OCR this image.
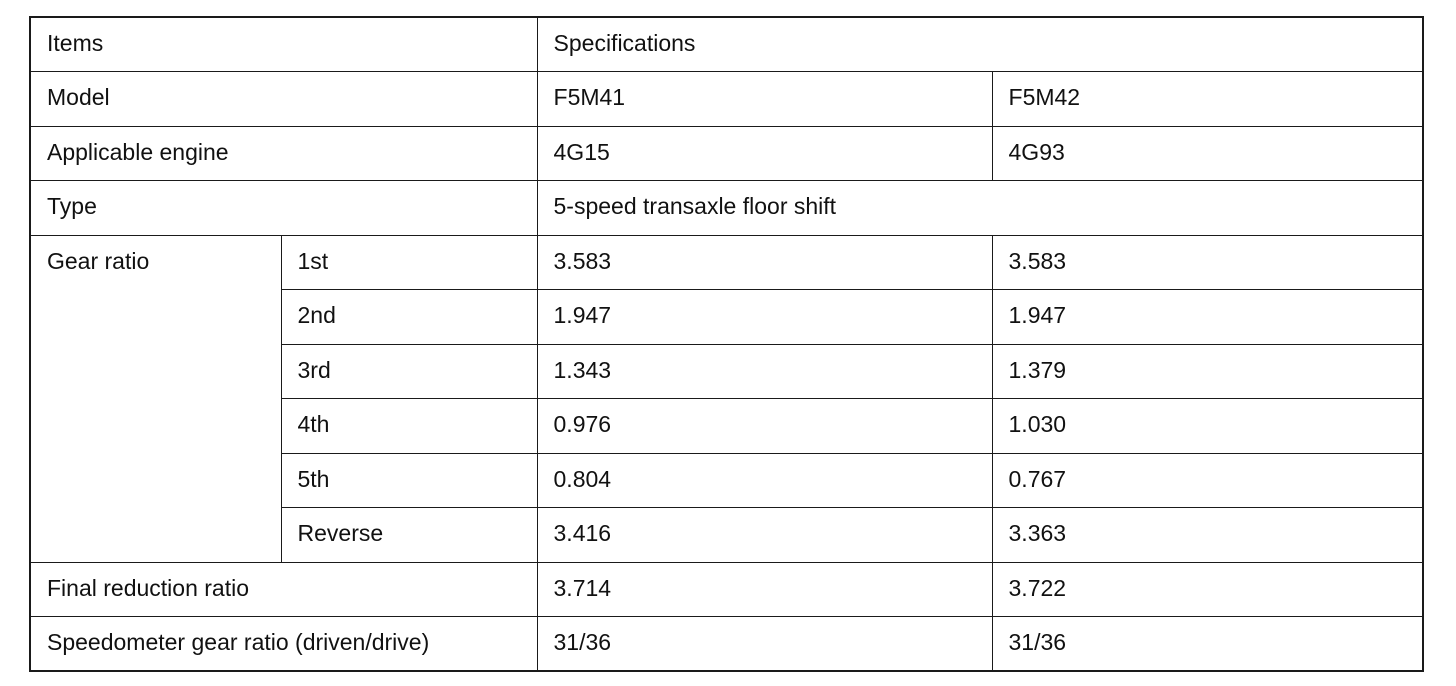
Items		Specifications	
Model		F5M41	F5M42
Applicable engine		4G15	4G93
Type		5-speed transaxle floor shift	
Gear ratio	1st	3.583	3.583
	2nd	1.947	1.947
	3rd	1.343	1.379
	4th	0.976	1.030
	5th	0.804	0.767
	Reverse	3.416	3.363
Final reduction ratio		3.714	3.722
Speedometer gear ratio (driven/drive)		31/36	31/36
